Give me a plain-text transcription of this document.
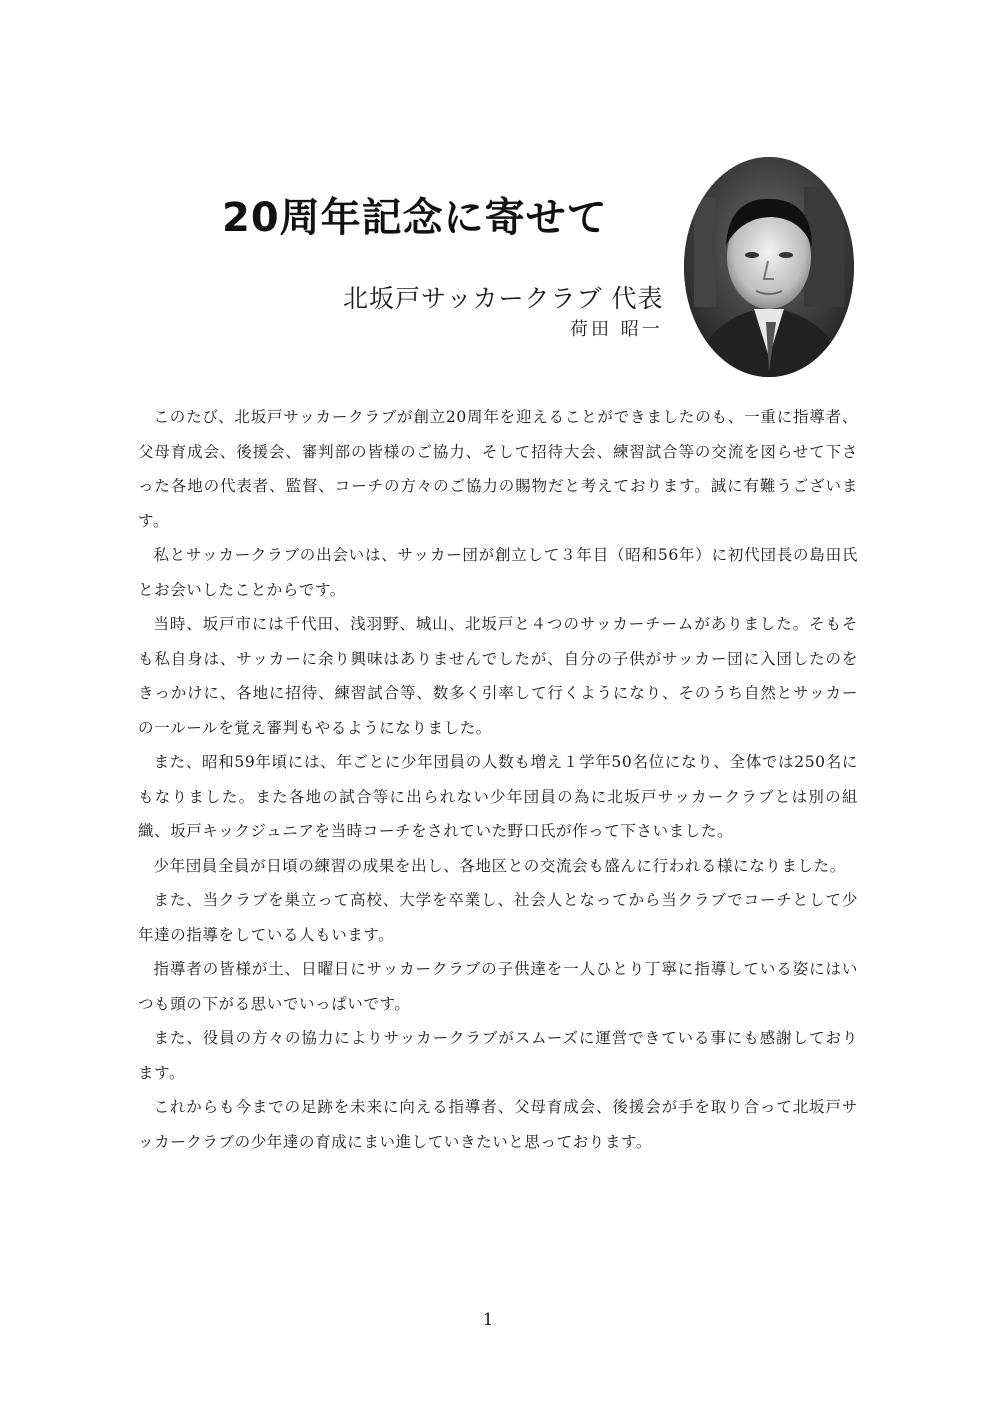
20周年記念に寄せて
北坂戸サッカークラブ 代表
荷田 昭一

このたび、北坂戸サッカークラブが創立20周年を迎えることができましたのも、一重に指導者、父母育成会、後援会、審判部の皆様のご協力、そして招待大会、練習試合等の交流を図らせて下さった各地の代表者、監督、コーチの方々のご協力の賜物だと考えております。誠に有難うございます。

私とサッカークラブの出会いは、サッカー団が創立して３年目（昭和56年）に初代団長の島田氏とお会いしたことからです。

当時、坂戸市には千代田、浅羽野、城山、北坂戸と４つのサッカーチームがありました。そもそも私自身は、サッカーに余り興味はありませんでしたが、自分の子供がサッカー団に入団したのをきっかけに、各地に招待、練習試合等、数多く引率して行くようになり、そのうち自然とサッカーの一ルールを覚え審判もやるようになりました。

また、昭和59年頃には、年ごとに少年団員の人数も増え１学年50名位になり、全体では250名にもなりました。また各地の試合等に出られない少年団員の為に北坂戸サッカークラブとは別の組織、坂戸キックジュニアを当時コーチをされていた野口氏が作って下さいました。

少年団員全員が日頃の練習の成果を出し、各地区との交流会も盛んに行われる様になりました。

また、当クラブを巣立って高校、大学を卒業し、社会人となってから当クラブでコーチとして少年達の指導をしている人もいます。

指導者の皆様が土、日曜日にサッカークラブの子供達を一人ひとり丁寧に指導している姿にはいつも頭の下がる思いでいっぱいです。

また、役員の方々の協力によりサッカークラブがスムーズに運営できている事にも感謝しております。

これからも今までの足跡を未来に向える指導者、父母育成会、後援会が手を取り合って北坂戸サッカークラブの少年達の育成にまい進していきたいと思っております。

1
